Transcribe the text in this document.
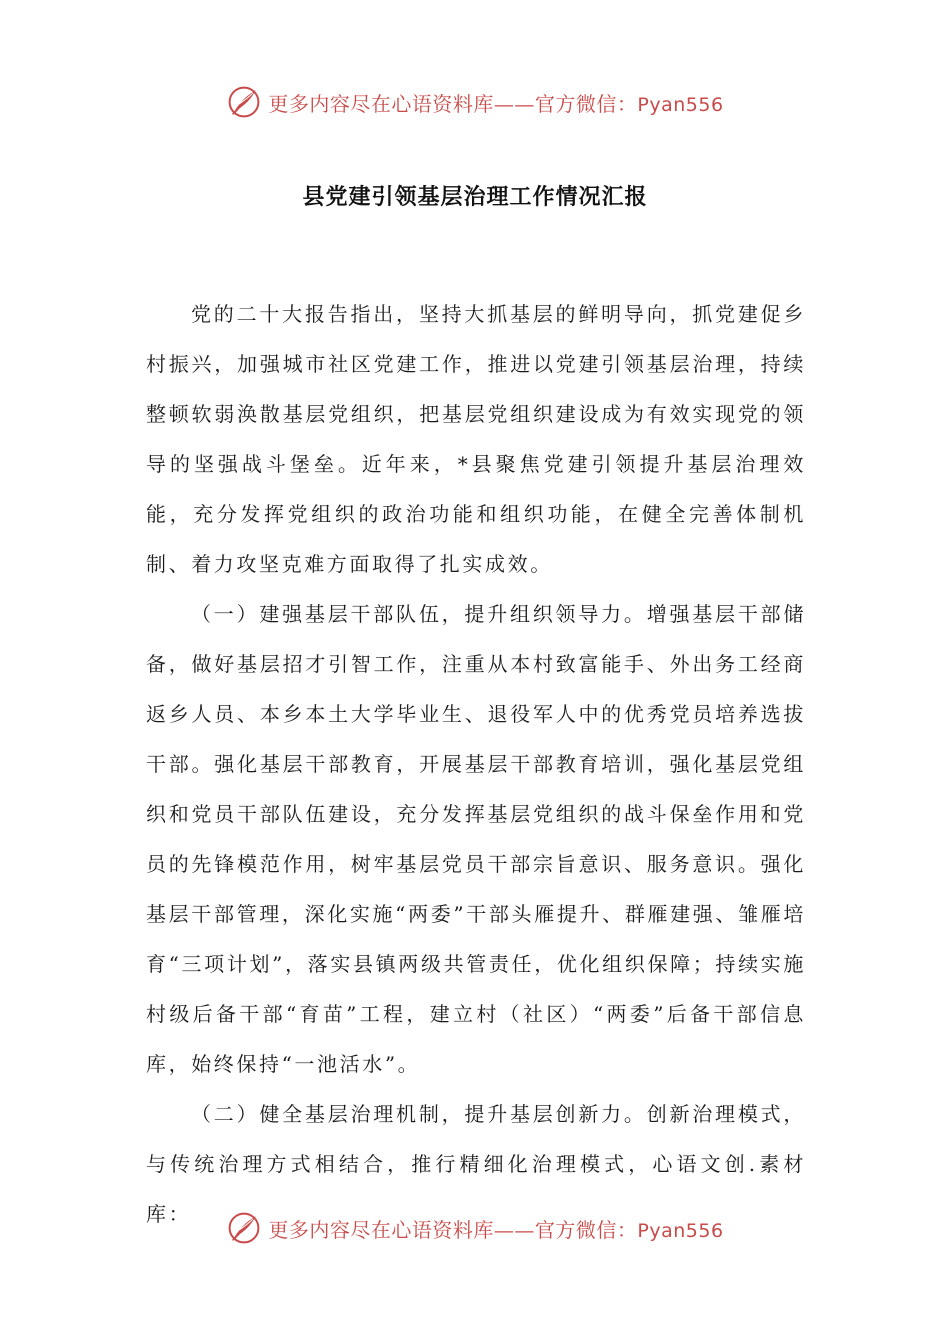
更多内容尽在心语资料库——官方微信：Pyan556
县党建引领基层治理工作情况汇报

党的二十大报告指出，坚持大抓基层的鲜明导向，抓党建促乡村振兴，加强城市社区党建工作，推进以党建引领基层治理，持续整顿软弱涣散基层党组织，把基层党组织建设成为有效实现党的领导的坚强战斗堡垒。近年来，*县聚焦党建引领提升基层治理效能，充分发挥党组织的政治功能和组织功能，在健全完善体制机制、着力攻坚克难方面取得了扎实成效。

（一）建强基层干部队伍，提升组织领导力。增强基层干部储备，做好基层招才引智工作，注重从本村致富能手、外出务工经商返乡人员、本乡本土大学毕业生、退役军人中的优秀党员培养选拔干部。强化基层干部教育，开展基层干部教育培训，强化基层党组织和党员干部队伍建设，充分发挥基层党组织的战斗保垒作用和党员的先锋模范作用，树牢基层党员干部宗旨意识、服务意识。强化基层干部管理，深化实施“两委”干部头雁提升、群雁建强、雏雁培育“三项计划”，落实县镇两级共管责任，优化组织保障；持续实施村级后备干部“育苗”工程，建立村（社区）“两委”后备干部信息库，始终保持“一池活水”。

（二）健全基层治理机制，提升基层创新力。创新治理模式，与传统治理方式相结合，推行精细化治理模式，心语文创.素材库：

更多内容尽在心语资料库——官方微信：Pyan556
